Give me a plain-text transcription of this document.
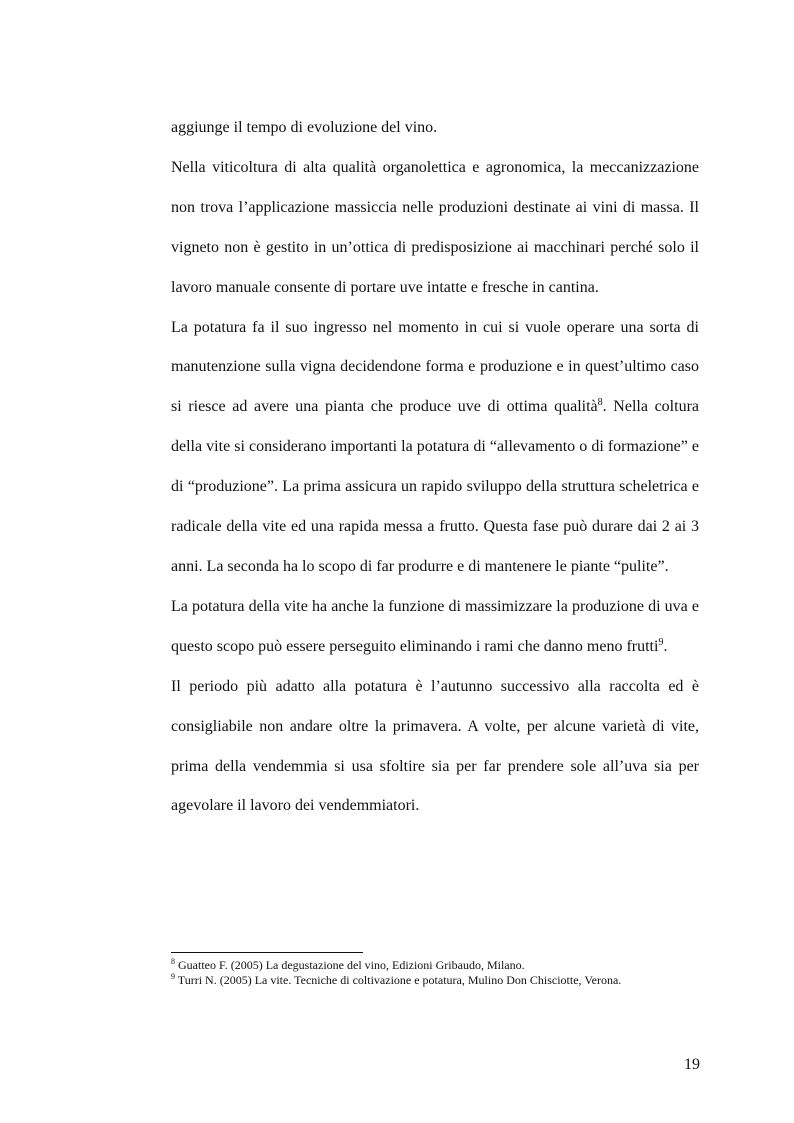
aggiunge il tempo di evoluzione del vino.

Nella viticoltura di alta qualità organolettica e agronomica, la meccanizzazione non trova l’applicazione massiccia nelle produzioni destinate ai vini di massa. Il vigneto non è gestito in un’ottica di predisposizione ai macchinari perché solo il lavoro manuale consente di portare uve intatte e fresche in cantina.

La potatura fa il suo ingresso nel momento in cui si vuole operare una sorta di manutenzione sulla vigna decidendone forma e produzione e in quest’ultimo caso si riesce ad avere una pianta che produce uve di ottima qualità$^8$. Nella coltura della vite si considerano importanti la potatura di “allevamento o di formazione” e di “produzione”. La prima assicura un rapido sviluppo della struttura scheletrica e radicale della vite ed una rapida messa a frutto. Questa fase può durare dai 2 ai 3 anni. La seconda ha lo scopo di far produrre e di mantenere le piante “pulite”.

La potatura della vite ha anche la funzione di massimizzare la produzione di uva e questo scopo può essere perseguito eliminando i rami che danno meno frutti$^9$.

Il periodo più adatto alla potatura è l’autunno successivo alla raccolta ed è consigliabile non andare oltre la primavera. A volte, per alcune varietà di vite, prima della vendemmia si usa sfoltire sia per far prendere sole all’uva sia per agevolare il lavoro dei vendemmiatori.

$^8$ Guatteo F. (2005) La degustazione del vino, Edizioni Gribaudo, Milano.

$^9$ Turri N. (2005) La vite. Tecniche di coltivazione e potatura, Mulino Don Chisciotte, Verona.

19
